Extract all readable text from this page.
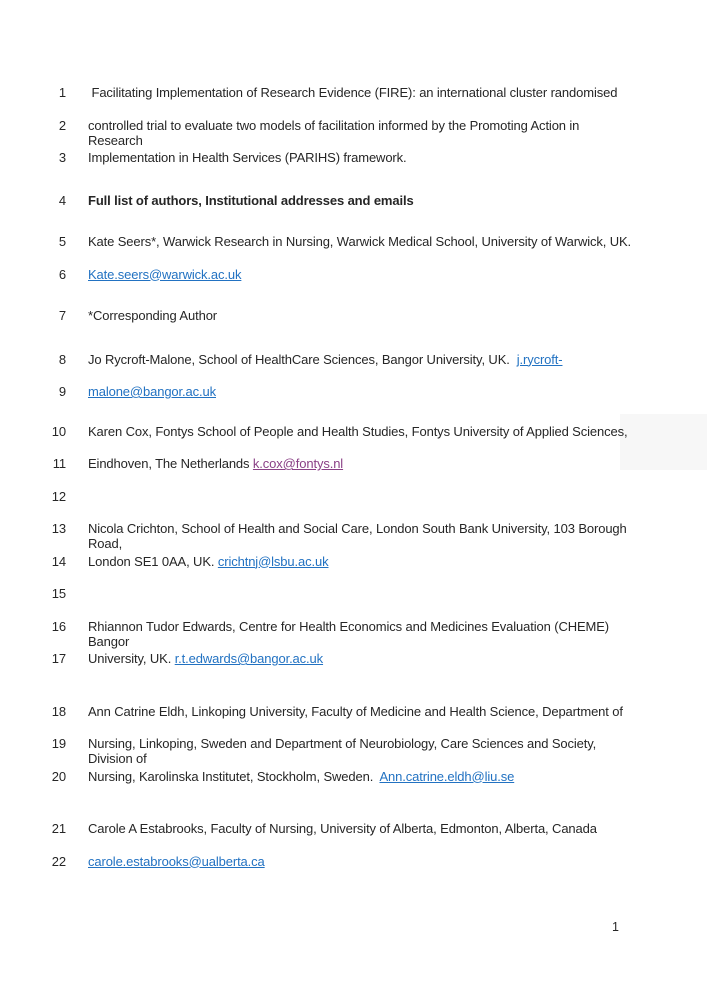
1 Facilitating Implementation of Research Evidence (FIRE): an international cluster randomised
2 controlled trial to evaluate two models of facilitation informed by the Promoting Action in Research
3 Implementation in Health Services (PARIHS) framework.
4 Full list of authors, Institutional addresses and emails
5 Kate Seers*, Warwick Research in Nursing, Warwick Medical School, University of Warwick, UK.
6 Kate.seers@warwick.ac.uk
7 *Corresponding Author
8 Jo Rycroft-Malone, School of HealthCare Sciences, Bangor University, UK.  j.rycroft-
9 malone@bangor.ac.uk
10 Karen Cox, Fontys School of People and Health Studies, Fontys University of Applied Sciences,
11 Eindhoven, The Netherlands k.cox@fontys.nl
12
13 Nicola Crichton, School of Health and Social Care, London South Bank University, 103 Borough Road,
14 London SE1 0AA, UK. crichtnj@lsbu.ac.uk
15
16 Rhiannon Tudor Edwards, Centre for Health Economics and Medicines Evaluation (CHEME) Bangor
17 University, UK. r.t.edwards@bangor.ac.uk
18 Ann Catrine Eldh, Linkoping University, Faculty of Medicine and Health Science, Department of
19 Nursing, Linkoping, Sweden and Department of Neurobiology, Care Sciences and Society, Division of
20 Nursing, Karolinska Institutet, Stockholm, Sweden.  Ann.catrine.eldh@liu.se
21 Carole A Estabrooks, Faculty of Nursing, University of Alberta, Edmonton, Alberta, Canada
22 carole.estabrooks@ualberta.ca
1
